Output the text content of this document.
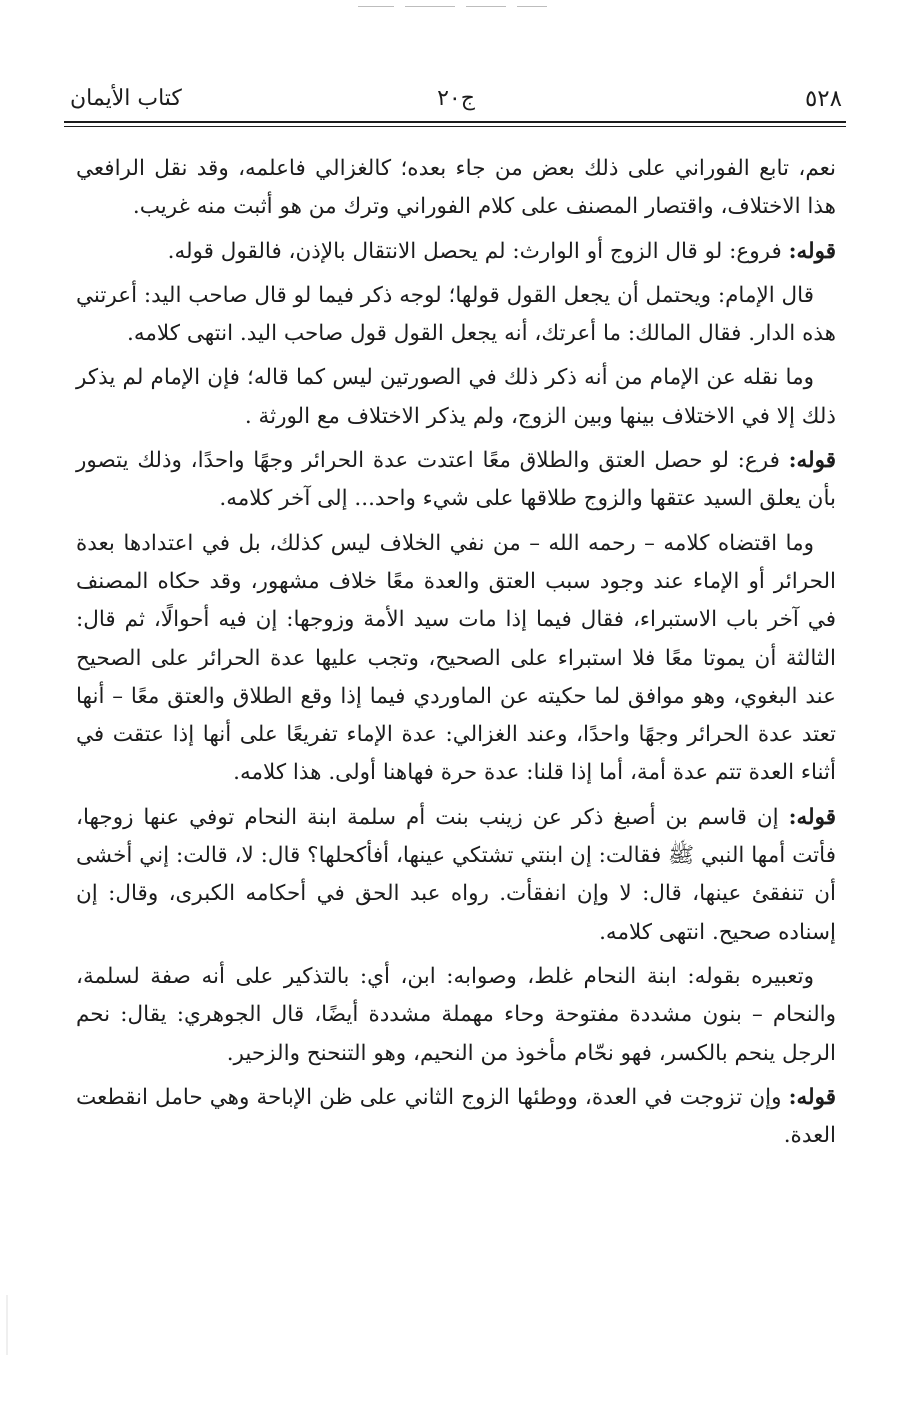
٥٢٨
ج٢٠
كتاب الأيمان

نعم، تابع الفوراني على ذلك بعض من جاء بعده؛ كالغزالي فاعلمه، وقد نقل الرافعي هذا الاختلاف، واقتصار المصنف على كلام الفوراني وترك من هو أثبت منه غريب.

قوله: فروع: لو قال الزوج أو الوارث: لم يحصل الانتقال بالإذن، فالقول قوله.

قال الإمام: ويحتمل أن يجعل القول قولها؛ لوجه ذكر فيما لو قال صاحب اليد: أعرتني هذه الدار. فقال المالك: ما أعرتك، أنه يجعل القول قول صاحب اليد. انتهى كلامه.

وما نقله عن الإمام من أنه ذكر ذلك في الصورتين ليس كما قاله؛ فإن الإمام لم يذكر ذلك إلا في الاختلاف بينها وبين الزوج، ولم يذكر الاختلاف مع الورثة .

قوله: فرع: لو حصل العتق والطلاق معًا اعتدت عدة الحرائر وجهًا واحدًا، وذلك يتصور بأن يعلق السيد عتقها والزوج طلاقها على شيء واحد... إلى آخر كلامه.

وما اقتضاه كلامه – رحمه الله – من نفي الخلاف ليس كذلك، بل في اعتدادها بعدة الحرائر أو الإماء عند وجود سبب العتق والعدة معًا خلاف مشهور، وقد حكاه المصنف في آخر باب الاستبراء، فقال فيما إذا مات سيد الأمة وزوجها: إن فيه أحوالًا، ثم قال: الثالثة أن يموتا معًا فلا استبراء على الصحيح، وتجب عليها عدة الحرائر على الصحيح عند البغوي، وهو موافق لما حكيته عن الماوردي فيما إذا وقع الطلاق والعتق معًا – أنها تعتد عدة الحرائر وجهًا واحدًا، وعند الغزالي: عدة الإماء تفريعًا على أنها إذا عتقت في أثناء العدة تتم عدة أمة، أما إذا قلنا: عدة حرة فهاهنا أولى. هذا كلامه.

قوله: إن قاسم بن أصبغ ذكر عن زينب بنت أم سلمة ابنة النحام توفي عنها زوجها، فأتت أمها النبي ﷺ فقالت: إن ابنتي تشتكي عينها، أفأكحلها؟ قال: لا، قالت: إني أخشى أن تنفقئ عينها، قال: لا وإن انفقأت. رواه عبد الحق في أحكامه الكبرى، وقال: إن إسناده صحيح. انتهى كلامه.

وتعبيره بقوله: ابنة النحام غلط، وصوابه: ابن، أي: بالتذكير على أنه صفة لسلمة، والنحام – بنون مشددة مفتوحة وحاء مهملة مشددة أيضًا، قال الجوهري: يقال: نحم الرجل ينحم بالكسر، فهو نحّام مأخوذ من النحيم، وهو التنحنح والزحير.

قوله: وإن تزوجت في العدة، ووطئها الزوج الثاني على ظن الإباحة وهي حامل انقطعت العدة.
